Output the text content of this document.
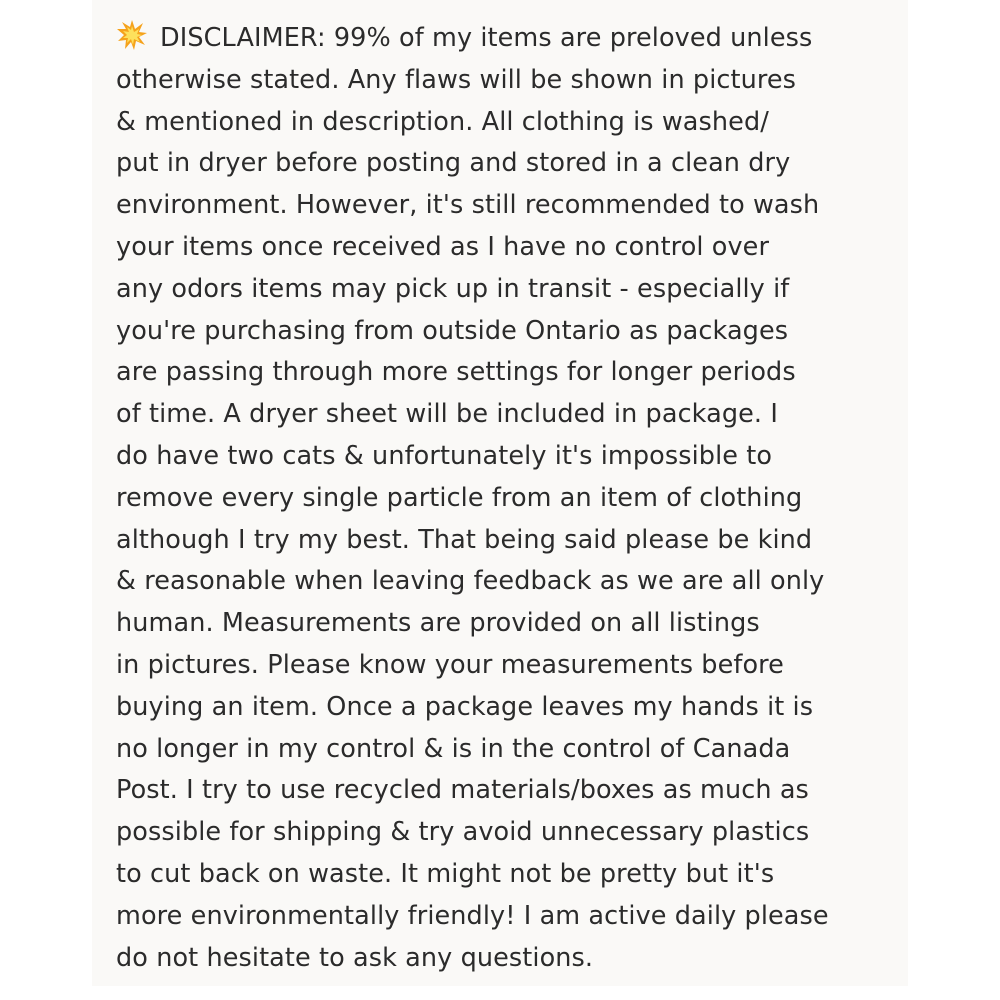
DISCLAIMER: 99% of my items are preloved unless
otherwise stated. Any flaws will be shown in pictures
& mentioned in description. All clothing is washed/
put in dryer before posting and stored in a clean dry
environment. However, it's still recommended to wash
your items once received as I have no control over
any odors items may pick up in transit - especially if
you're purchasing from outside Ontario as packages
are passing through more settings for longer periods
of time. A dryer sheet will be included in package. I
do have two cats & unfortunately it's impossible to
remove every single particle from an item of clothing
although I try my best. That being said please be kind
& reasonable when leaving feedback as we are all only
human. Measurements are provided on all listings
in pictures. Please know your measurements before
buying an item. Once a package leaves my hands it is
no longer in my control & is in the control of Canada
Post. I try to use recycled materials/boxes as much as
possible for shipping & try avoid unnecessary plastics
to cut back on waste. It might not be pretty but it's
more environmentally friendly! I am active daily please
do not hesitate to ask any questions.
